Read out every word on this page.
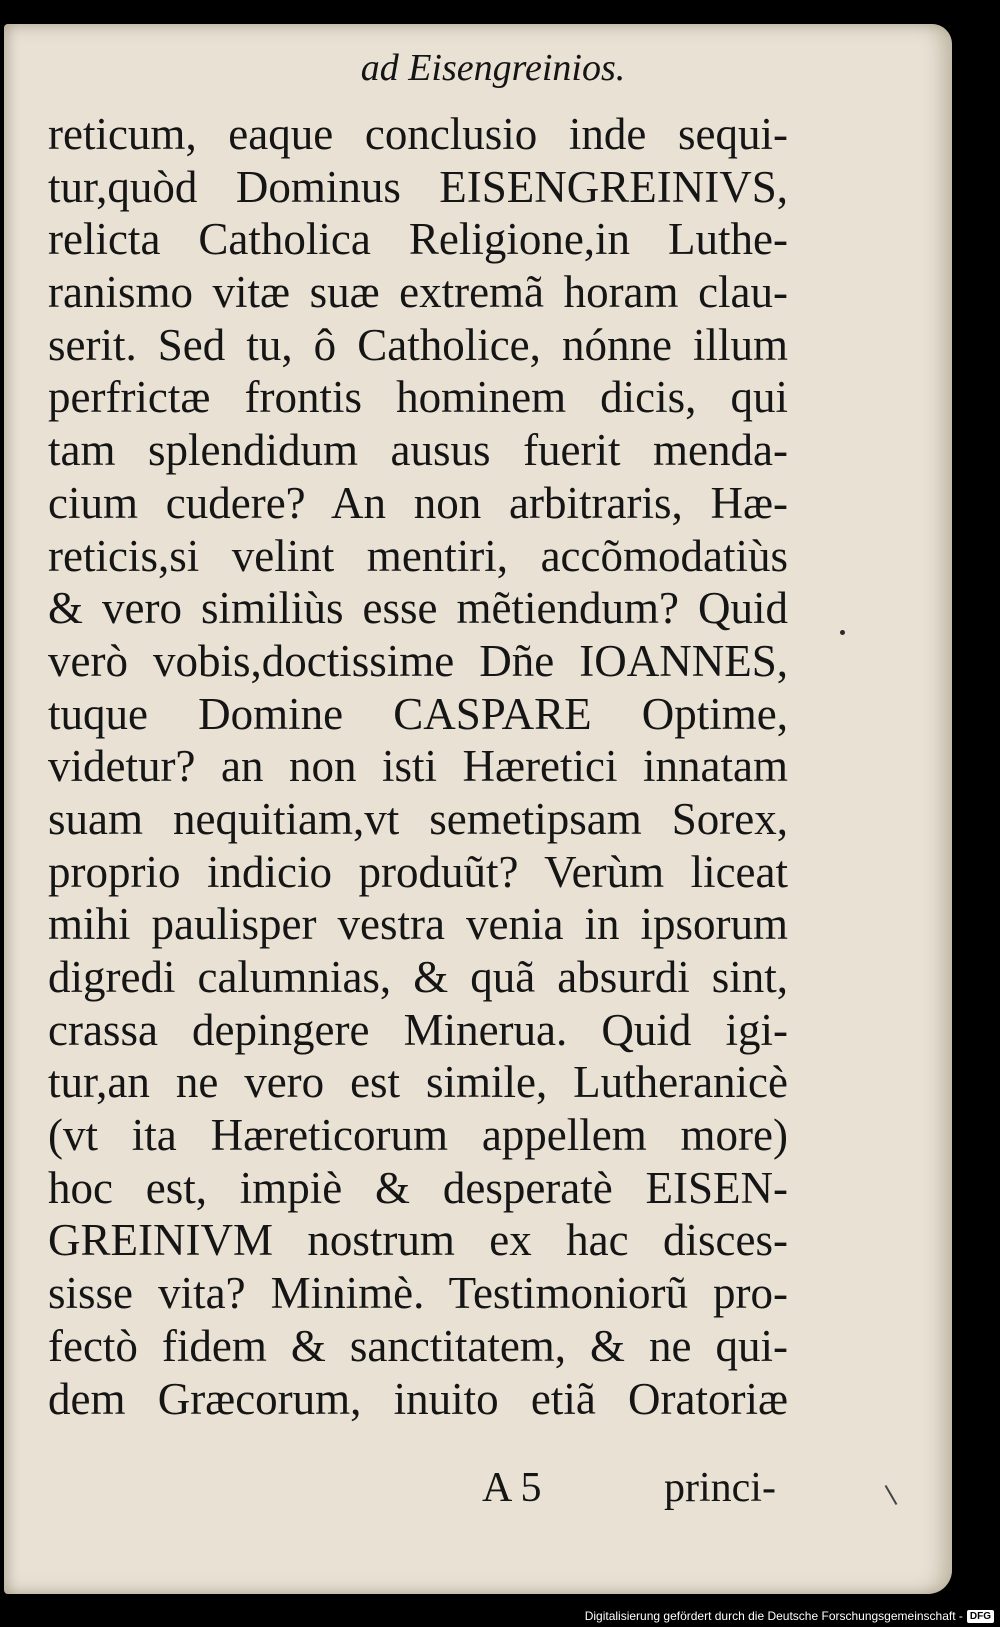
ad Eisengreinios.
reticum, eaque conclusio inde sequi-
tur,quòd Dominus EISENGREINIVS,
relicta Catholica Religione,in Luthe-
ranismo vitæ suæ extremã horam clau-
serit. Sed tu, ô Catholice, nónne illum
perfrictæ frontis hominem dicis, qui
tam splendidum ausus fuerit menda-
cium cudere? An non arbitraris, Hæ-
reticis,si velint mentiri, accõmodatiùs
& vero similiùs esse mẽtiendum? Quid
verò vobis,doctissime Dñe IOANNES,
tuque Domine CASPARE Optime,
videtur? an non isti Hæretici innatam
suam nequitiam,vt semetipsam Sorex,
proprio indicio produũt? Verùm liceat
mihi paulisper vestra venia in ipsorum
digredi calumnias, & quã absurdi sint,
crassa depingere Minerua. Quid igi-
tur,an ne vero est simile, Lutheranicè
(vt ita Hæreticorum appellem more)
hoc est, impiè & desperatè EISEN-
GREINIVM nostrum ex hac disces-
sisse vita? Minimè. Testimoniorũ pro-
fectò fidem & sanctitatem, & ne qui-
dem Græcorum, inuito etiã Oratoriæ
A 5	princi-
Digitalisierung gefördert durch die Deutsche Forschungsgemeinschaft - DFG
